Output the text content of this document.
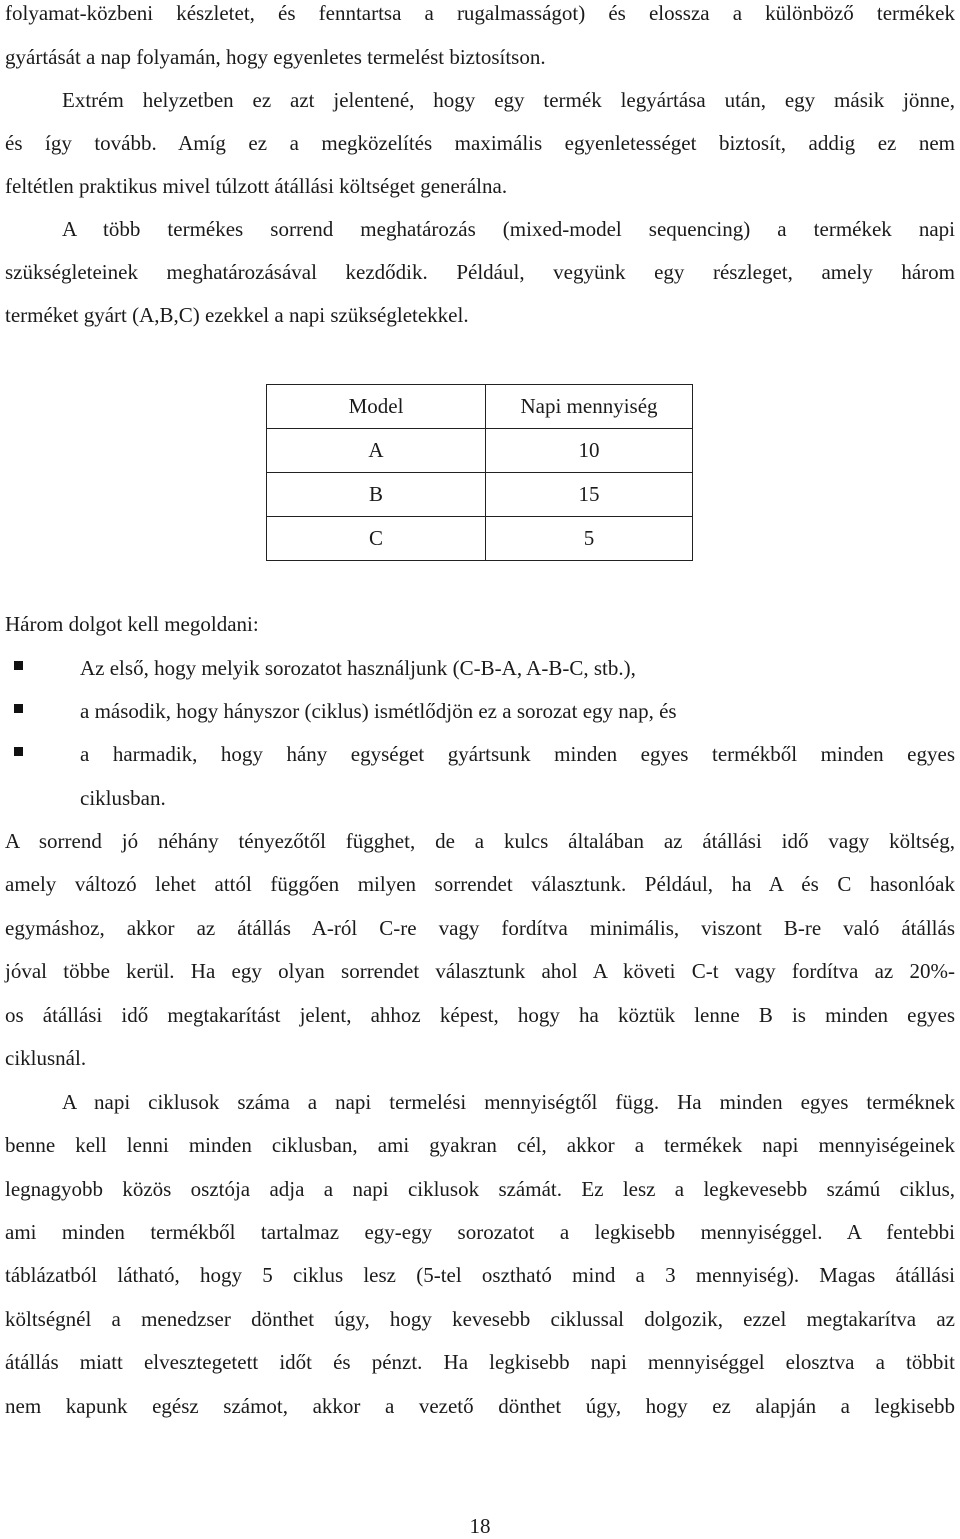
folyamat-közbeni készletet, és fenntartsa a rugalmasságot) és elossza a különböző termékek
gyártását a nap folyamán, hogy egyenletes termelést biztosítson.
Extrém helyzetben ez azt jelentené, hogy egy termék legyártása után, egy másik jönne,
és így tovább. Amíg ez a megközelítés maximális egyenletességet biztosít, addig ez nem
feltétlen praktikus mivel túlzott átállási költséget generálna.
A több termékes sorrend meghatározás (mixed-model sequencing) a termékek napi
szükségleteinek meghatározásával kezdődik. Például, vegyünk egy részleget, amely három
terméket gyárt (A,B,C) ezekkel a napi szükségletekkel.
Model	Napi mennyiség
A	10
B	15
C	5
Három dolgot kell megoldani:
Az első, hogy melyik sorozatot használjunk (C-B-A, A-B-C, stb.),
a második, hogy hányszor (ciklus) ismétlődjön ez a sorozat egy nap, és
a harmadik, hogy hány egységet gyártsunk minden egyes termékből minden egyes
ciklusban.
A sorrend jó néhány tényezőtől függhet, de a kulcs általában az átállási idő vagy költség,
amely változó lehet attól függően milyen sorrendet választunk. Például, ha A és C hasonlóak
egymáshoz, akkor az átállás A-ról C-re vagy fordítva minimális, viszont B-re való átállás
jóval többe kerül. Ha egy olyan sorrendet választunk ahol A követi C-t vagy fordítva az 20%-
os átállási idő megtakarítást jelent, ahhoz képest, hogy ha köztük lenne B is minden egyes
ciklusnál.
A napi ciklusok száma a napi termelési mennyiségtől függ. Ha minden egyes terméknek
benne kell lenni minden ciklusban, ami gyakran cél, akkor a termékek napi mennyiségeinek
legnagyobb közös osztója adja a napi ciklusok számát. Ez lesz a legkevesebb számú ciklus,
ami minden termékből tartalmaz egy-egy sorozatot a legkisebb mennyiséggel. A fentebbi
táblázatból látható, hogy 5 ciklus lesz (5-tel osztható mind a 3 mennyiség). Magas átállási
költségnél a menedzser dönthet úgy, hogy kevesebb ciklussal dolgozik, ezzel megtakarítva az
átállás miatt elvesztegetett időt és pénzt. Ha legkisebb napi mennyiséggel elosztva a többit
nem kapunk egész számot, akkor a vezető dönthet úgy, hogy ez alapján a legkisebb
18
